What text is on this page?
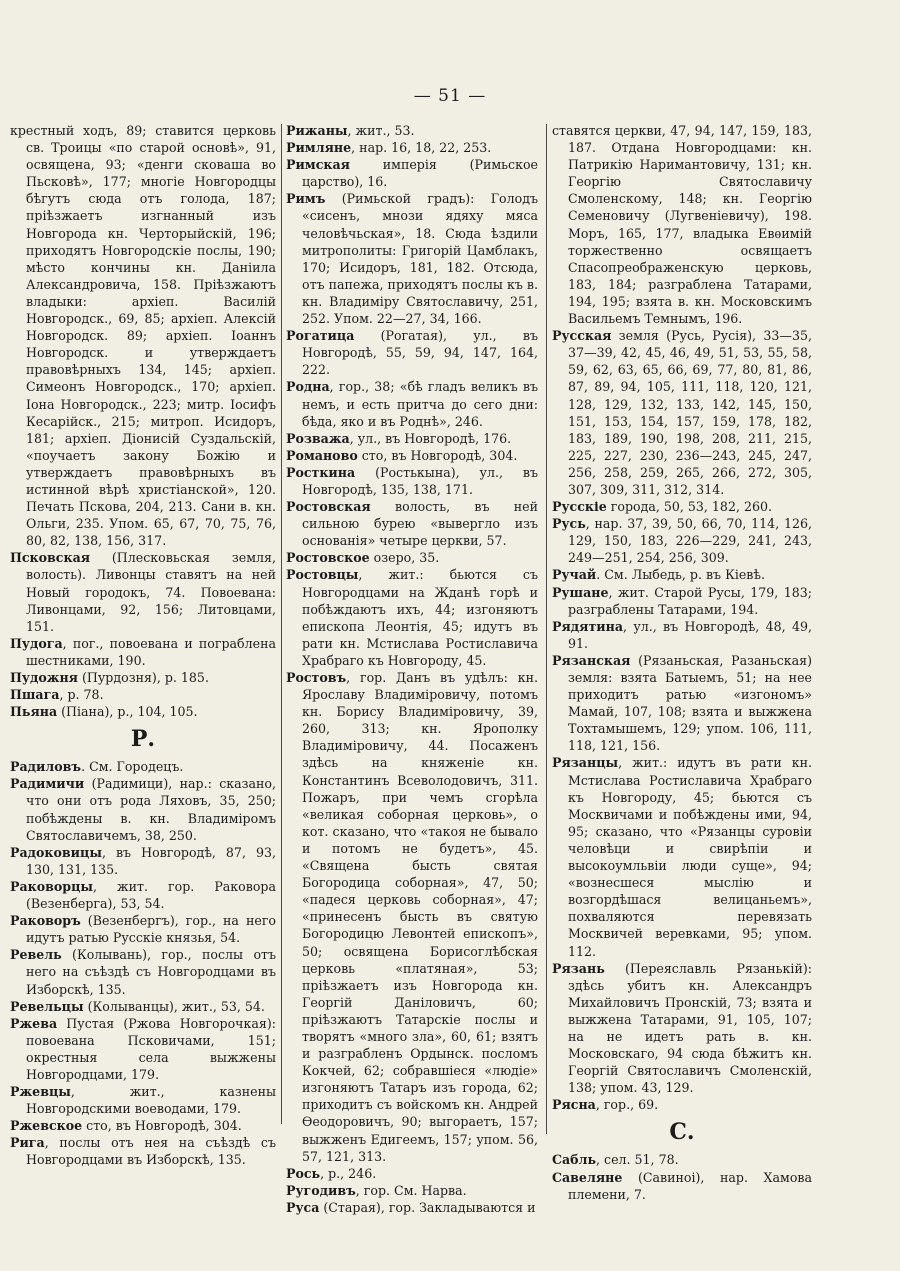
— 51 —

крестный ходъ, 89; ставится церковь св. Троицы «по старой основѣ», 91, освящена, 93; «денги сковаша во Пьсковѣ», 177; многіе Новгородцы бѣгутъ сюда отъ голода, 187; пріѣзжаетъ изгнанный изъ Новгорода кн. Черторыйскій, 196; приходятъ Новгородскіе послы, 190; мѣсто кончины кн. Даніила Александровича, 158. Пріѣзжаютъ владыки: архіеп. Василій Новгородск., 69, 85; архіеп. Алексій Новгородск. 89; архіеп. Іоаннъ Новгородск. и утверждаетъ правовѣрныхъ 134, 145; архіеп. Симеонъ Новгородск., 170; архіеп. Іона Новгородск., 223; митр. Іосифъ Кесарійск., 215; митроп. Исидоръ, 181; архіеп. Діонисій Суздальскій, «поучаетъ закону Божію и утверждаетъ правовѣрныхъ въ истинной вѣрѣ христіанской», 120. Печать Пскова, 204, 213. Сани в. кн. Ольги, 235. Упом. 65, 67, 70, 75, 76, 80, 82, 138, 156, 317.

Псковская (Плесковьская земля, волость). Ливонцы ставятъ на ней Новый городокъ, 74. Повоевана: Ливонцами, 92, 156; Литовцами, 151.

Пудога, пог., повоевана и пограблена шестниками, 190.

Пудожня (Пурдозня), р. 185.

Пшага, р. 78.

Пьяна (Піана), р., 104, 105.

Р.

Радиловъ. См. Городецъ.

Радимичи (Радимици), нар.: сказано, что они отъ рода Ляховъ, 35, 250; побѣждены в. кн. Владиміромъ Святославичемъ, 38, 250.

Радоковицы, въ Новгородѣ, 87, 93, 130, 131, 135.

Раковорцы, жит. гор. Раковора (Везенберга), 53, 54.

Раковоръ (Везенбергъ), гор., на него идутъ ратью Русскіе князья, 54.

Ревель (Колывань), гор., послы отъ него на съѣздѣ съ Новгородцами въ Изборскѣ, 135.

Ревельцы (Колыванцы), жит., 53, 54.

Ржева Пустая (Ржова Новгорочкая): повоевана Псковичами, 151; окрестныя села выжжены Новгородцами, 179.

Ржевцы, жит., казнены Новгородскими воеводами, 179.

Ржевское сто, въ Новгородѣ, 304.

Рига, послы отъ нея на съѣздѣ съ Новгородцами въ Изборскѣ, 135.

Рижаны, жит., 53.

Римляне, нар. 16, 18, 22, 253.

Римская имперія (Римьское царство), 16.

Римъ (Римьской градъ): Голодъ «сисенъ, мнози ядяху мяса человѣчьская», 18. Сюда ѣздили митрополиты: Григорій Цамблакъ, 170; Исидоръ, 181, 182. Отсюда, отъ папежа, приходятъ послы къ в. кн. Владиміру Святославичу, 251, 252. Упом. 22—27, 34, 166.

Рогатица (Рогатая), ул., въ Новгородѣ, 55, 59, 94, 147, 164, 222.

Родна, гор., 38; «бѣ гладъ великъ въ немъ, и есть притча до сего дни: бѣда, яко и въ Роднѣ», 246.

Розважа, ул., въ Новгородѣ, 176.

Романово сто, въ Новгородѣ, 304.

Росткина (Ростькына), ул., въ Новгородѣ, 135, 138, 171.

Ростовская волость, въ ней сильною бурею «выверглo изъ основанія» четыре церкви, 57.

Ростовское озеро, 35.

Ростовцы, жит.: бьются съ Новгородцами на Жданѣ горѣ и побѣждаютъ ихъ, 44; изгоняютъ епископа Леонтія, 45; идутъ въ рати кн. Мстислава Ростиславича Храбраго къ Новгороду, 45.

Ростовъ, гор. Данъ въ удѣлъ: кн. Ярославу Владиміровичу, потомъ кн. Борису Владиміровичу, 39, 260, 313; кн. Ярополку Владиміровичу, 44. Посаженъ здѣсь на княженіе кн. Константинъ Всеволодовичъ, 311. Пожаръ, при чемъ сгорѣла «великая соборная церковь», о кот. сказано, что «такоя не бывало и потомъ не будетъ», 45. «Священа бысть святая Богородица соборная», 47, 50; «падеся церковь соборная», 47; «принесенъ бысть въ святую Богородицю Левонтей епископъ», 50; освящена Борисоглѣбская церковь «платяная», 53; пріѣзжаетъ изъ Новгорода кн. Георгій Даніловичъ, 60; пріѣзжаютъ Татарскіе послы и творятъ «много зла», 60, 61; взятъ и разграбленъ Ордынск. посломъ Кокчей, 62; собравшіеся «людіе» изгоняютъ Татаръ изъ города, 62; приходитъ съ войскомъ кн. Андрей Ѳеодоровичъ, 90; выгораетъ, 157; выжженъ Едигеемъ, 157; упом. 56, 57, 121, 313.

Рось, р., 246.

Ругодивъ, гор. См. Нарва.

Руса (Старая), гор. Закладываются и

ставятся церкви, 47, 94, 147, 159, 183, 187. Отдана Новгородцами: кн. Патрикію Наримантовичу, 131; кн. Георгію Святославичу Смоленскому, 148; кн. Георгію Семеновичу (Лугвеніевичу), 198. Моръ, 165, 177, владыка Евѳимій торжественно освящаетъ Спасопреображенскую церковь, 183, 184; разграблена Татарами, 194, 195; взята в. кн. Московскимъ Васильемъ Темнымъ, 196.

Русская земля (Русь, Русія), 33—35, 37—39, 42, 45, 46, 49, 51, 53, 55, 58, 59, 62, 63, 65, 66, 69, 77, 80, 81, 86, 87, 89, 94, 105, 111, 118, 120, 121, 128, 129, 132, 133, 142, 145, 150, 151, 153, 154, 157, 159, 178, 182, 183, 189, 190, 198, 208, 211, 215, 225, 227, 230, 236—243, 245, 247, 256, 258, 259, 265, 266, 272, 305, 307, 309, 311, 312, 314.

Русскіе города, 50, 53, 182, 260.

Русь, нар. 37, 39, 50, 66, 70, 114, 126, 129, 150, 183, 226—229, 241, 243, 249—251, 254, 256, 309.

Ручай. См. Лыбедь, р. въ Кіевѣ.

Рушане, жит. Старой Русы, 179, 183; разграблены Татарами, 194.

Рядятина, ул., въ Новгородѣ, 48, 49, 91.

Рязанская (Рязаньская, Разаньская) земля: взята Батыемъ, 51; на нее приходитъ ратью «изгономъ» Мамай, 107, 108; взята и выжжена Тохтамышемъ, 129; упом. 106, 111, 118, 121, 156.

Рязанцы, жит.: идутъ въ рати кн. Мстислава Ростиславича Храбраго къ Новгороду, 45; бьются съ Москвичами и побѣждены ими, 94, 95; сказано, что «Рязанцы суровіи человѣци и свирѣпіи и высокоумльвіи люди суще», 94; «вознесшеся мыслію и возгордѣшася велицаньемъ», похваляются перевязать Москвичей веревками, 95; упом. 112.

Рязань (Переяславль Рязанькій): здѣсь убитъ кн. Александръ Михайловичъ Пронскій, 73; взята и выжжена Татарами, 91, 105, 107; на не идетъ рать в. кн. Московскаго, 94 сюда бѣжитъ кн. Георгій Святославичъ Смоленскій, 138; упом. 43, 129.

Рясна, гор., 69.

С.

Сабль, сел. 51, 78.

Савеляне (Савиноі), нар. Хамова племени, 7.
